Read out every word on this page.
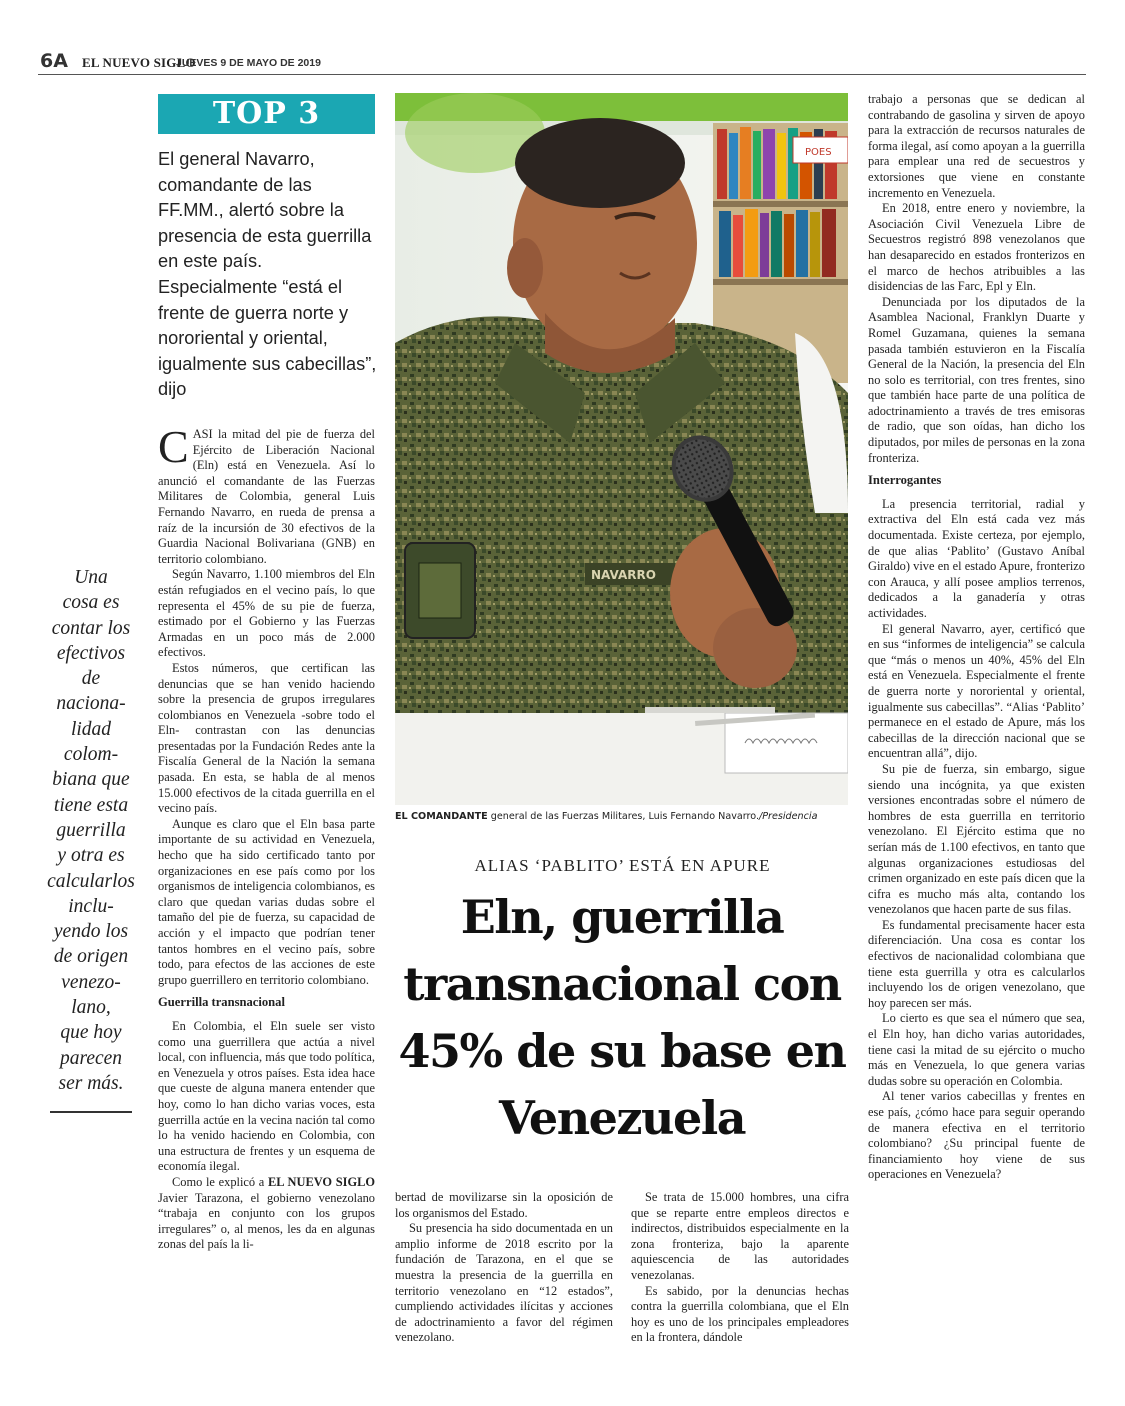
6A EL NUEVO SIGLO
JUEVES 9 DE MAYO DE 2019
TOP 3

El general Navarro, comandante de las FF.MM., alertó sobre la presencia de esta guerrilla en este país. Especialmente “está el frente de guerra norte y nororiental y oriental, igualmente sus cabecillas”, dijo

Una
cosa es
contar los
efectivos
de
naciona-
lidad
colom-
biana que
tiene esta
guerrilla
y otra es
calcularlos
inclu-
yendo los
de origen
venezo-
lano,
que hoy
parecen
ser más.

CASI la mitad del pie de fuerza del Ejército de Liberación Nacional (Eln) está en Venezuela. Así lo anunció el comandante de las Fuerzas Militares de Colombia, general Luis Fernando Navarro, en rueda de prensa a raíz de la incursión de 30 efectivos de la Guardia Nacional Bolivariana (GNB) en territorio colombiano.

Según Navarro, 1.100 miembros del Eln están refugiados en el vecino país, lo que representa el 45% de su pie de fuerza, estimado por el Gobierno y las Fuerzas Armadas en un poco más de 2.000 efectivos.

Estos números, que certifican las denuncias que se han venido haciendo sobre la presencia de grupos irregulares colombianos en Venezuela -sobre todo el Eln- contrastan con las denuncias presentadas por la Fundación Redes ante la Fiscalía General de la Nación la semana pasada. En esta, se habla de al menos 15.000 efectivos de la citada guerrilla en el vecino país.

Aunque es claro que el Eln basa parte importante de su actividad en Venezuela, hecho que ha sido certificado tanto por organizaciones en ese país como por los organismos de inteligencia colombianos, es claro que quedan varias dudas sobre el tamaño del pie de fuerza, su capacidad de acción y el impacto que podrían tener tantos hombres en el vecino país, sobre todo, para efectos de las acciones de este grupo guerrillero en territorio colombiano.

Guerrilla transnacional

En Colombia, el Eln suele ser visto como una guerrillera que actúa a nivel local, con influencia, más que todo política, en Venezuela y otros países. Esta idea hace que cueste de alguna manera entender que hoy, como lo han dicho varias voces, esta guerrilla actúe en la vecina nación tal como lo ha venido haciendo en Colombia, con una estructura de frentes y un esquema de economía ilegal.

Como le explicó a EL NUEVO SIGLO Javier Tarazona, el gobierno venezolano “trabaja en conjunto con los grupos irregulares” o, al menos, les da en algunas zonas del país la li-

POES
NAVARRO
EL COMANDANTE general de las Fuerzas Militares, Luis Fernando Navarro./Presidencia
ALIAS ‘PABLITO’ ESTÁ EN APURE
Eln, guerrilla transnacional con 45% de su base en Venezuela

bertad de movilizarse sin la oposición de los organismos del Estado.

Su presencia ha sido documentada en un amplio informe de 2018 escrito por la fundación de Tarazona, en el que se muestra la presencia de la guerrilla en territorio venezolano en “12 estados”, cumpliendo actividades ilícitas y acciones de adoctrinamiento a favor del régimen venezolano.

Se trata de 15.000 hombres, una cifra que se reparte entre empleos directos e indirectos, distribuidos especialmente en la zona fronteriza, bajo la aparente aquiescencia de las autoridades venezolanas.

Es sabido, por la denuncias hechas contra la guerrilla colombiana, que el Eln hoy es uno de los principales empleadores en la frontera, dándole

trabajo a personas que se dedican al contrabando de gasolina y sirven de apoyo para la extracción de recursos naturales de forma ilegal, así como apoyan a la guerrilla para emplear una red de secuestros y extorsiones que viene en constante incremento en Venezuela.

En 2018, entre enero y noviembre, la Asociación Civil Venezuela Libre de Secuestros registró 898 venezolanos que han desaparecido en estados fronterizos en el marco de hechos atribuibles a las disidencias de las Farc, Epl y Eln.

Denunciada por los diputados de la Asamblea Nacional, Franklyn Duarte y Romel Guzamana, quienes la semana pasada también estuvieron en la Fiscalía General de la Nación, la presencia del Eln no solo es territorial, con tres frentes, sino que también hace parte de una política de adoctrinamiento a través de tres emisoras de radio, que son oídas, han dicho los diputados, por miles de personas en la zona fronteriza.

Interrogantes

La presencia territorial, radial y extractiva del Eln está cada vez más documentada. Existe certeza, por ejemplo, de que alias ‘Pablito’ (Gustavo Aníbal Giraldo) vive en el estado Apure, fronterizo con Arauca, y allí posee amplios terrenos, dedicados a la ganadería y otras actividades.

El general Navarro, ayer, certificó que en sus “informes de inteligencia” se calcula que “más o menos un 40%, 45% del Eln está en Venezuela. Especialmente el frente de guerra norte y nororiental y oriental, igualmente sus cabecillas”. “Alias ‘Pablito’ permanece en el estado de Apure, más los cabecillas de la dirección nacional que se encuentran allá”, dijo.

Su pie de fuerza, sin embargo, sigue siendo una incógnita, ya que existen versiones encontradas sobre el número de hombres de esta guerrilla en territorio venezolano. El Ejército estima que no serían más de 1.100 efectivos, en tanto que algunas organizaciones estudiosas del crimen organizado en este país dicen que la cifra es mucho más alta, contando los venezolanos que hacen parte de sus filas.

Es fundamental precisamente hacer esta diferenciación. Una cosa es contar los efectivos de nacionalidad colombiana que tiene esta guerrilla y otra es calcularlos incluyendo los de origen venezolano, que hoy parecen ser más.

Lo cierto es que sea el número que sea, el Eln hoy, han dicho varias autoridades, tiene casi la mitad de su ejército o mucho más en Venezuela, lo que genera varias dudas sobre su operación en Colombia.

Al tener varios cabecillas y frentes en ese país, ¿cómo hace para seguir operando de manera efectiva en el territorio colombiano? ¿Su principal fuente de financiamiento hoy viene de sus operaciones en Venezuela?
